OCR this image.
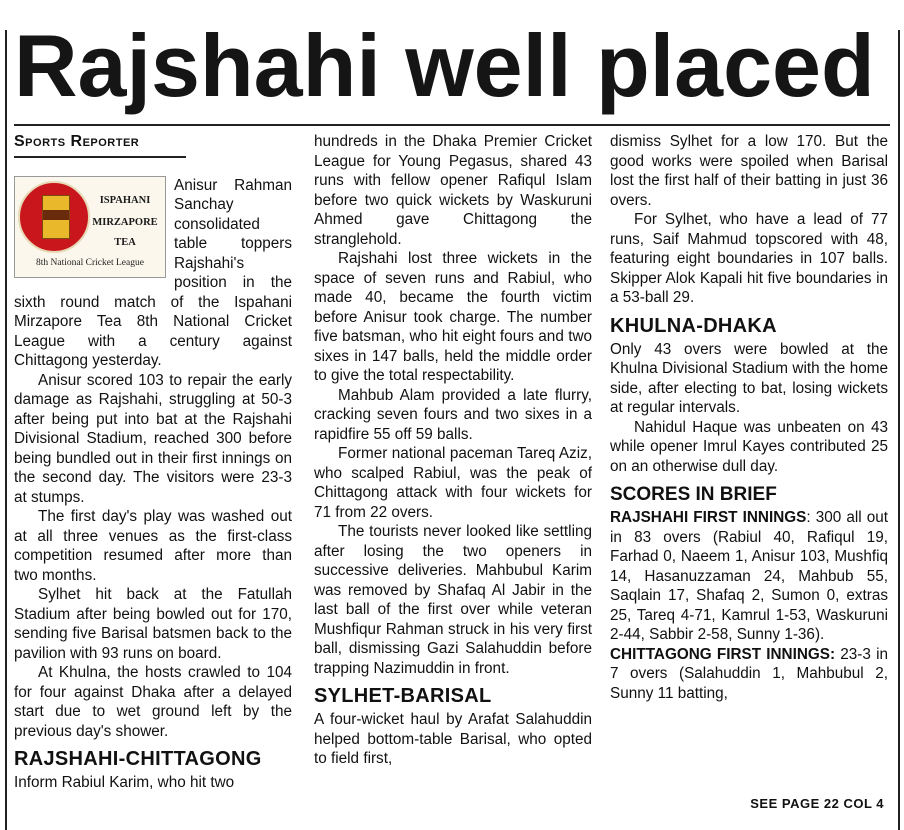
Rajshahi well placed
Sports Reporter
ISPAHANI
MIRZAPORE
TEA
8th National Cricket League

Anisur Rahman Sanchay consolidated table toppers Rajshahi's position in the sixth round match of the Ispahani Mirzapore Tea 8th National Cricket League with a century against Chittagong yesterday.

Anisur scored 103 to repair the early damage as Rajshahi, struggling at 50-3 after being put into bat at the Rajshahi Divisional Stadium, reached 300 before being bundled out in their first innings on the second day. The visitors were 23-3 at stumps.

The first day's play was washed out at all three venues as the first-class competition resumed after more than two months.

Sylhet hit back at the Fatullah Stadium after being bowled out for 170, sending five Barisal batsmen back to the pavilion with 93 runs on board.

At Khulna, the hosts crawled to 104 for four against Dhaka after a delayed start due to wet ground left by the previous day's shower.

RAJSHAHI-CHITTAGONG

Inform Rabiul Karim, who hit two

hundreds in the Dhaka Premier Cricket League for Young Pegasus, shared 43 runs with fellow opener Rafiqul Islam before two quick wickets by Waskuruni Ahmed gave Chittagong the stranglehold.

Rajshahi lost three wickets in the space of seven runs and Rabiul, who made 40, became the fourth victim before Anisur took charge. The number five batsman, who hit eight fours and two sixes in 147 balls, held the middle order to give the total respectability.

Mahbub Alam provided a late flurry, cracking seven fours and two sixes in a rapidfire 55 off 59 balls.

Former national paceman Tareq Aziz, who scalped Rabiul, was the peak of Chittagong attack with four wickets for 71 from 22 overs.

The tourists never looked like settling after losing the two openers in successive deliveries. Mahbubul Karim was removed by Shafaq Al Jabir in the last ball of the first over while veteran Mushfiqur Rahman struck in his very first ball, dismissing Gazi Salahuddin before trapping Nazimuddin in front.

SYLHET-BARISAL

A four-wicket haul by Arafat Salahuddin helped bottom-table Barisal, who opted to field first,

dismiss Sylhet for a low 170. But the good works were spoiled when Barisal lost the first half of their batting in just 36 overs.

For Sylhet, who have a lead of 77 runs, Saif Mahmud topscored with 48, featuring eight boundaries in 107 balls. Skipper Alok Kapali hit five boundaries in a 53-ball 29.

KHULNA-DHAKA

Only 43 overs were bowled at the Khulna Divisional Stadium with the home side, after electing to bat, losing wickets at regular intervals.

Nahidul Haque was unbeaten on 43 while opener Imrul Kayes contributed 25 on an otherwise dull day.

SCORES IN BRIEF

RAJSHAHI FIRST INNINGS: 300 all out in 83 overs (Rabiul 40, Rafiqul 19, Farhad 0, Naeem 1, Anisur 103, Mushfiq 14, Hasanuzzaman 24, Mahbub 55, Saqlain 17, Shafaq 2, Sumon 0, extras 25, Tareq 4-71, Kamrul 1-53, Waskuruni 2-44, Sabbir 2-58, Sunny 1-36).

CHITTAGONG FIRST INNINGS: 23-3 in 7 overs (Salahuddin 1, Mahbubul 2, Sunny 11 batting,

SEE PAGE 22 COL 4
